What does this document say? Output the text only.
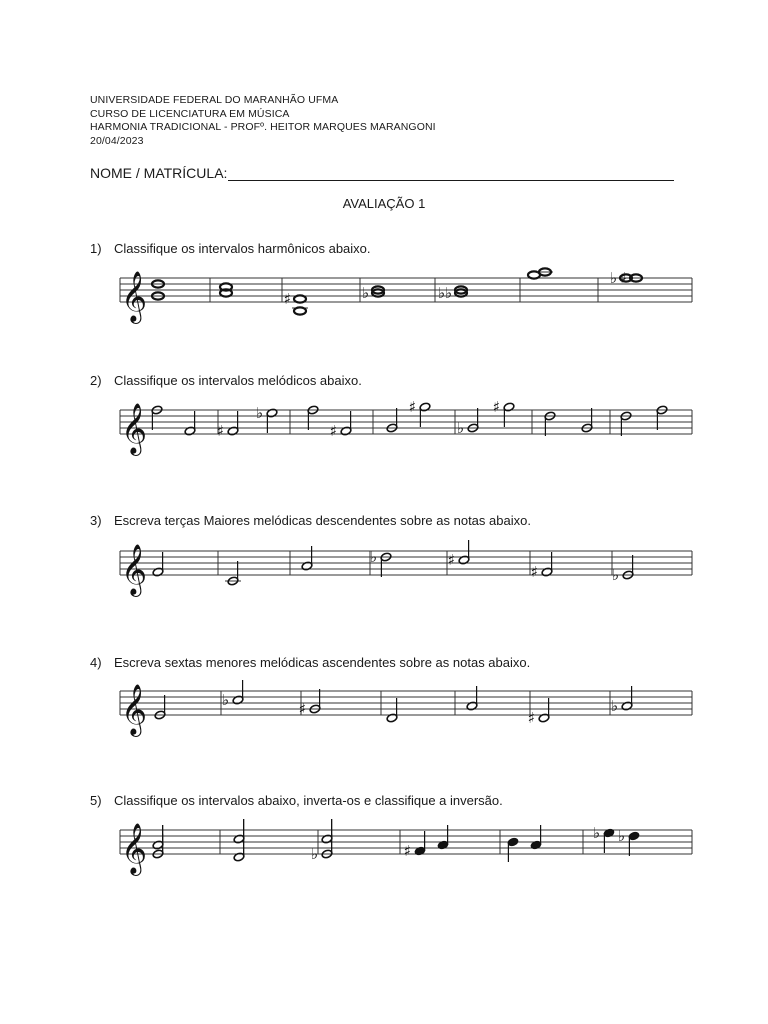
UNIVERSIDADE FEDERAL DO MARANHÃO UFMA
CURSO DE LICENCIATURA EM MÚSICA
HARMONIA TRADICIONAL - PROFº. HEITOR MARQUES MARANGONI
20/04/2023
NOME / MATRÍCULA:
AVALIAÇÃO 1
1) Classifique os intervalos harmônicos abaixo.
𝄞	♯	♭	♭♭
♭ ♯
2) Classifique os intervalos melódicos abaixo.
𝄞	♯
♭
♯
♯
♭
♯
3) Escreva terças Maiores melódicas descendentes sobre as notas abaixo.
𝄞	♭	♯
♯	♭
4) Escreva sextas menores melódicas ascendentes sobre as notas abaixo.
𝄞	♭	♯	♯
♭
5) Classifique os intervalos abaixo, inverta-os e classifique a inversão.
𝄞	♭	♯
♭ ♭
